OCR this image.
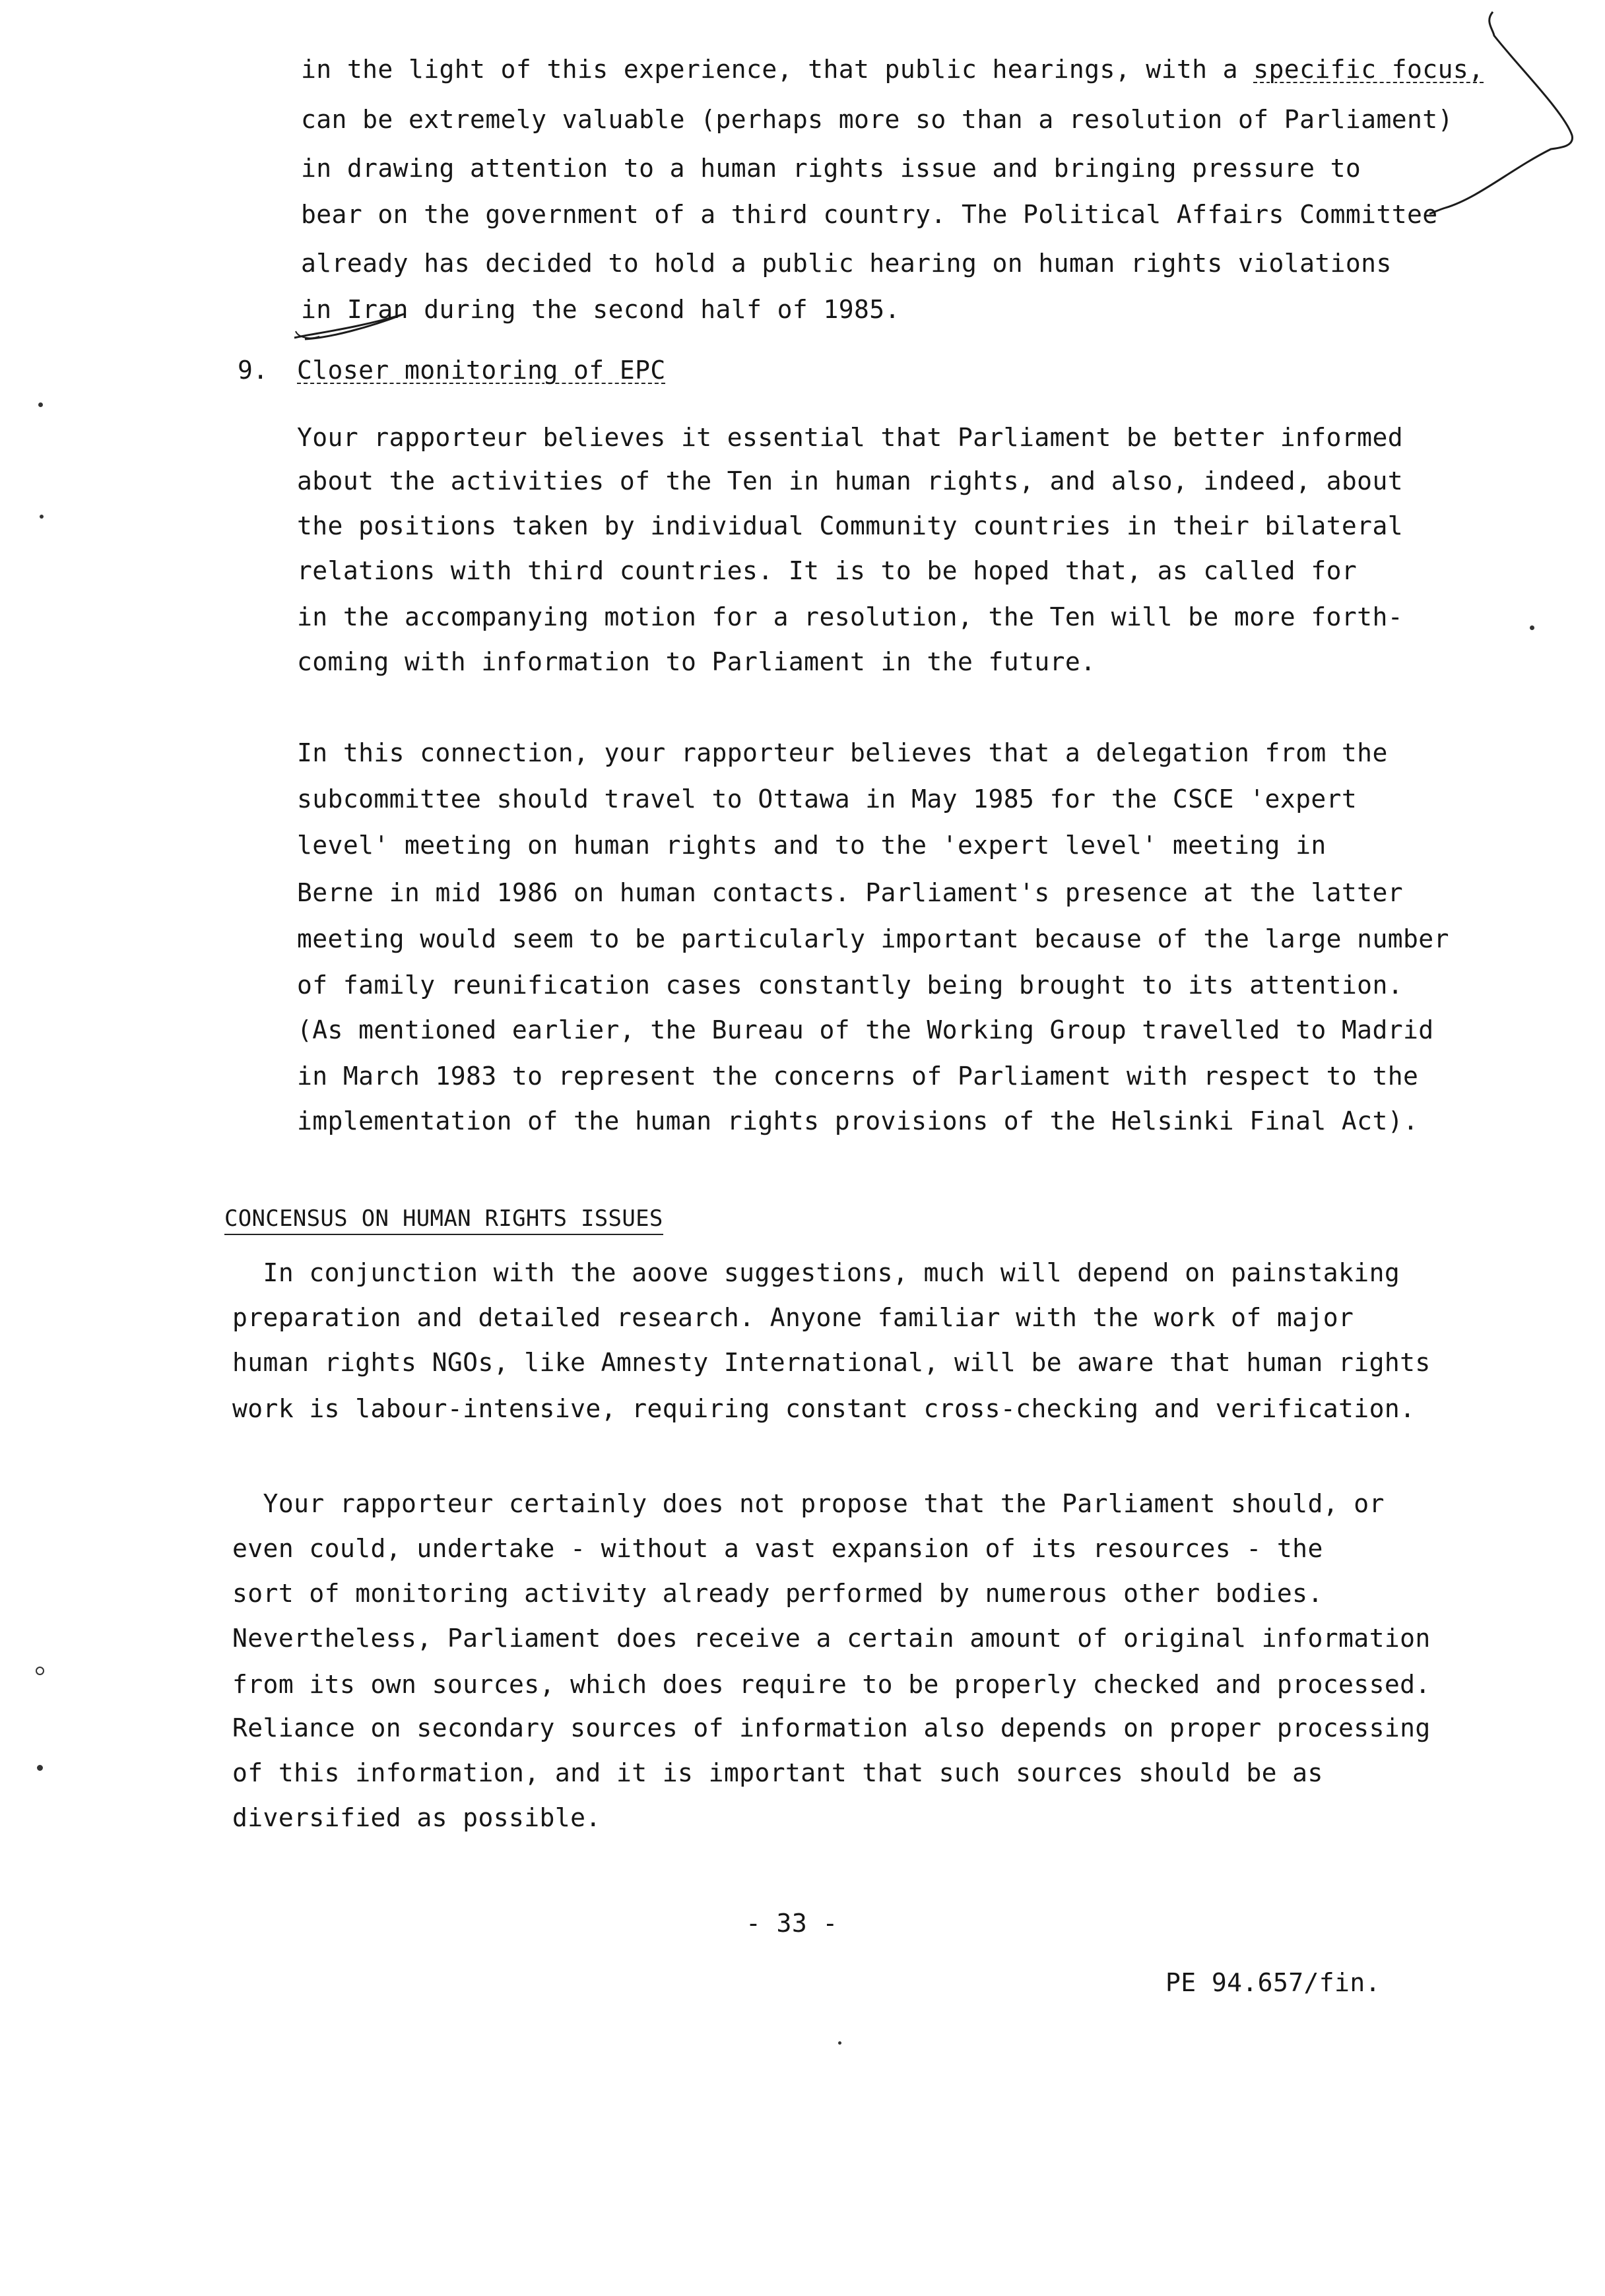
in the light of this experience, that public hearings, with a specific focus,
can be extremely valuable (perhaps more so than a resolution of Parliament)
in drawing attention to a human rights issue and bringing pressure to
bear on the government of a third country. The Political Affairs Committee
already has decided to hold a public hearing on human rights violations
in Iran during the second half of 1985.
9. Closer monitoring of EPC
Your rapporteur believes it essential that Parliament be better informed
about the activities of the Ten in human rights, and also, indeed, about
the positions taken by individual Community countries in their bilateral
relations with third countries. It is to be hoped that, as called for
in the accompanying motion for a resolution, the Ten will be more forth-
coming with information to Parliament in the future.
In this connection, your rapporteur believes that a delegation from the
subcommittee should travel to Ottawa in May 1985 for the CSCE 'expert
level' meeting on human rights and to the 'expert level' meeting in
Berne in mid 1986 on human contacts. Parliament's presence at the latter
meeting would seem to be particularly important because of the large number
of family reunification cases constantly being brought to its attention.
(As mentioned earlier, the Bureau of the Working Group travelled to Madrid
in March 1983 to represent the concerns of Parliament with respect to the
implementation of the human rights provisions of the Helsinki Final Act).
CONCENSUS ON HUMAN RIGHTS ISSUES
In conjunction with the aoove suggestions, much will depend on painstaking
preparation and detailed research. Anyone familiar with the work of major
human rights NGOs, like Amnesty International, will be aware that human rights
work is labour-intensive, requiring constant cross-checking and verification.
Your rapporteur certainly does not propose that the Parliament should, or
even could, undertake - without a vast expansion of its resources - the
sort of monitoring activity already performed by numerous other bodies.
Nevertheless, Parliament does receive a certain amount of original information
from its own sources, which does require to be properly checked and processed.
Reliance on secondary sources of information also depends on proper processing
of this information, and it is important that such sources should be as
diversified as possible.
- 33 -
PE 94.657/fin.
